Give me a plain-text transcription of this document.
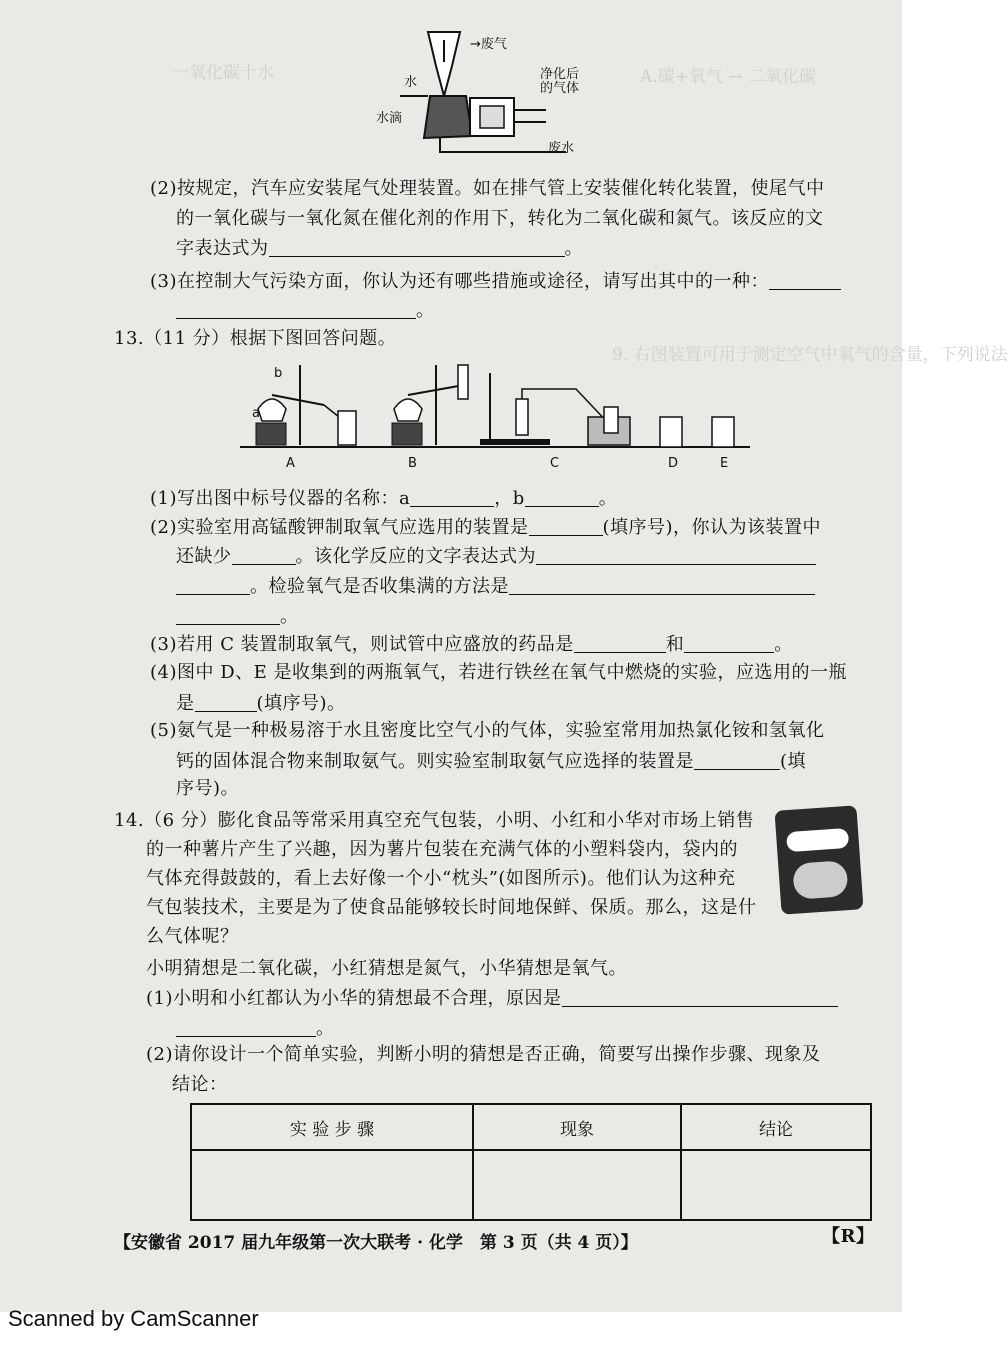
一氧化碳十水	A.碳+氧气 → 二氧化碳
9. 右图装置可用于测定空气中氧气的含量，下列说法
→废气
水
净化后
的气体
水滴
废水
(2)按规定，汽车应安装尾气处理装置。如在排气管上安装催化转化装置，使尾气中
的一氧化碳与一氧化氮在催化剂的作用下，转化为二氧化碳和氮气。该反应的文
字表达式为	。
(3)在控制大气污染方面，你认为还有哪些措施或途径，请写出其中的一种：
。
13.（11 分）根据下图回答问题。
b
a
A	B	C	D	E
(1)写出图中标号仪器的名称：a	，b	。
(2)实验室用高锰酸钾制取氧气应选用的装置是	(填序号)，你认为该装置中
还缺少	。该化学反应的文字表达式为
。检验氧气是否收集满的方法是
。
(3)若用 C 装置制取氧气，则试管中应盛放的药品是	和	。
(4)图中 D、E 是收集到的两瓶氧气，若进行铁丝在氧气中燃烧的实验，应选用的一瓶
是	(填序号)。
(5)氨气是一种极易溶于水且密度比空气小的气体，实验室常用加热氯化铵和氢氧化
钙的固体混合物来制取氨气。则实验室制取氨气应选择的装置是	(填
序号)。
14.（6 分）膨化食品等常采用真空充气包装，小明、小红和小华对市场上销售
的一种薯片产生了兴趣，因为薯片包装在充满气体的小塑料袋内，袋内的
气体充得鼓鼓的，看上去好像一个小“枕头”(如图所示)。他们认为这种充
气包装技术，主要是为了使食品能够较长时间地保鲜、保质。那么，这是什
么气体呢？
小明猜想是二氧化碳，小红猜想是氮气，小华猜想是氧气。
(1)小明和小红都认为小华的猜想最不合理，原因是
。
(2)请你设计一个简单实验，判断小明的猜想是否正确，简要写出操作步骤、现象及
结论：
实 验 步 骤	现象	结论

【安徽省 2017 届九年级第一次大联考 · 化学　第 3 页（共 4 页）】	【R】
Scanned by CamScanner
